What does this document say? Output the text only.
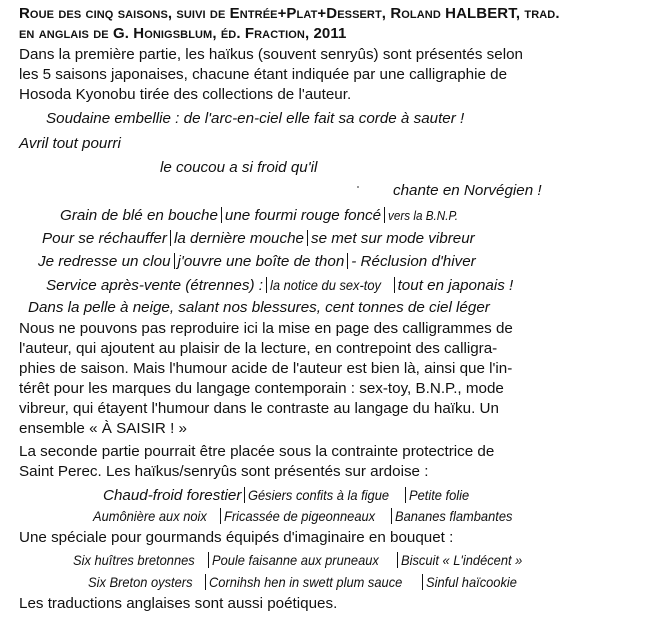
Roue des cinq saisons, suivi de Entrée+Plat+Dessert, Roland HALBERT, trad.
en anglais de G. Honigsblum, éd. Fraction, 2011
Dans la première partie, les haïkus (souvent senryûs) sont présentés selon
les 5 saisons japonaises, chacune étant indiquée par une calligraphie de
Hosoda Kyonobu tirée des collections de l'auteur.
Soudaine embellie : de l'arc-en-ciel elle fait sa corde à sauter !
Avril tout pourri
le coucou a si froid qu'il
chante en Norvégien !
Grain de blé en bouche une fourmi rouge foncé vers la B.N.P.
Pour se réchauffer la dernière mouche se met sur mode vibreur
Je redresse un clou j'ouvre une boîte de thon - Réclusion d'hiver
Service après-vente (étrennes) : la notice du sex-toy tout en japonais !
Dans la pelle à neige, salant nos blessures, cent tonnes de ciel léger
Nous ne pouvons pas reproduire ici la mise en page des calligrammes de
l'auteur, qui ajoutent au plaisir de la lecture, en contrepoint des calligra-
phies de saison. Mais l'humour acide de l'auteur est bien là, ainsi que l'in-
térêt pour les marques du langage contemporain : sex-toy, B.N.P., mode
vibreur, qui étayent l'humour dans le contraste au langage du haïku. Un
ensemble « À SAISIR ! »
La seconde partie pourrait être placée sous la contrainte protectrice de
Saint Perec. Les haïkus/senryûs sont présentés sur ardoise :
Chaud-froid forestier Gésiers confits à la figue Petite folie
Aumônière aux noix Fricassée de pigeonneaux Bananes flambantes
Une spéciale pour gourmands équipés d'imaginaire en bouquet :
Six huîtres bretonnes Poule faisanne aux pruneaux Biscuit « L'indécent »
Six Breton oysters Cornihsh hen in swett plum sauce Sinful haïcookie
Les traductions anglaises sont aussi poétiques.
